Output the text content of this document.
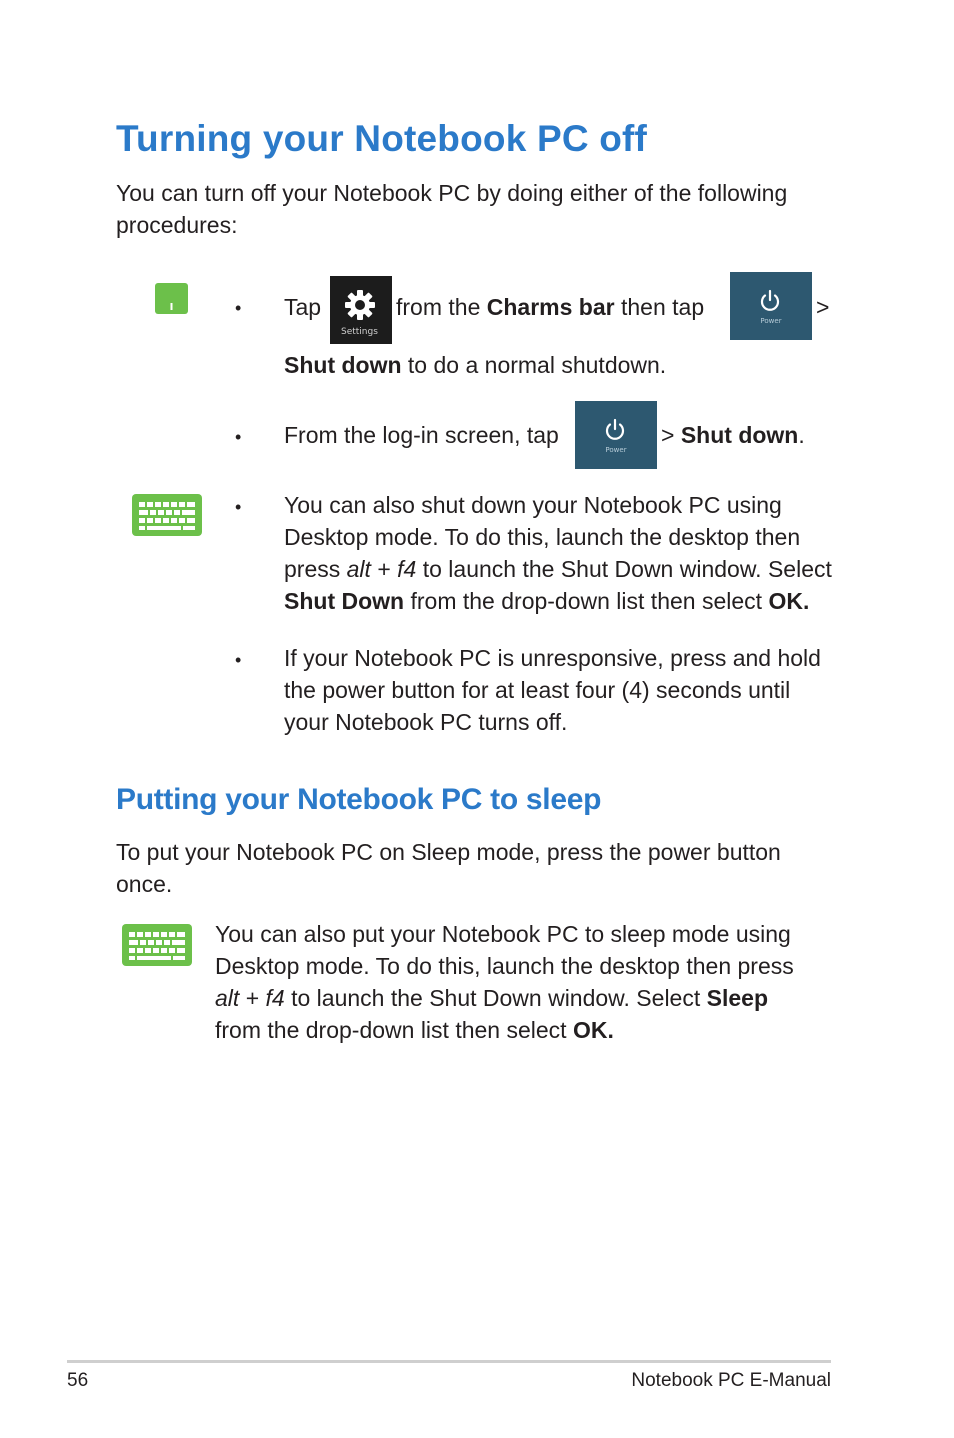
Turning your Notebook PC off
You can turn off your Notebook PC by doing either of the following procedures:
• Tap
Settings
from the Charms bar then tap
Power
>
Shut down to do a normal shutdown.
• From the log-in screen, tap
Power
> Shut down.
• You can also shut down your Notebook PC using
Desktop mode. To do this, launch the desktop then
press alt + f4 to launch the Shut Down window. Select
Shut Down from the drop-down list then select OK.
• If your Notebook PC is unresponsive, press and hold
the power button for at least four (4) seconds until
your Notebook PC turns off.
Putting your Notebook PC to sleep
To put your Notebook PC on Sleep mode, press the power button
once.
You can also put your Notebook PC to sleep mode using
Desktop mode. To do this, launch the desktop then press
alt + f4 to launch the Shut Down window. Select Sleep
from the drop-down list then select OK.
56	Notebook PC E-Manual
